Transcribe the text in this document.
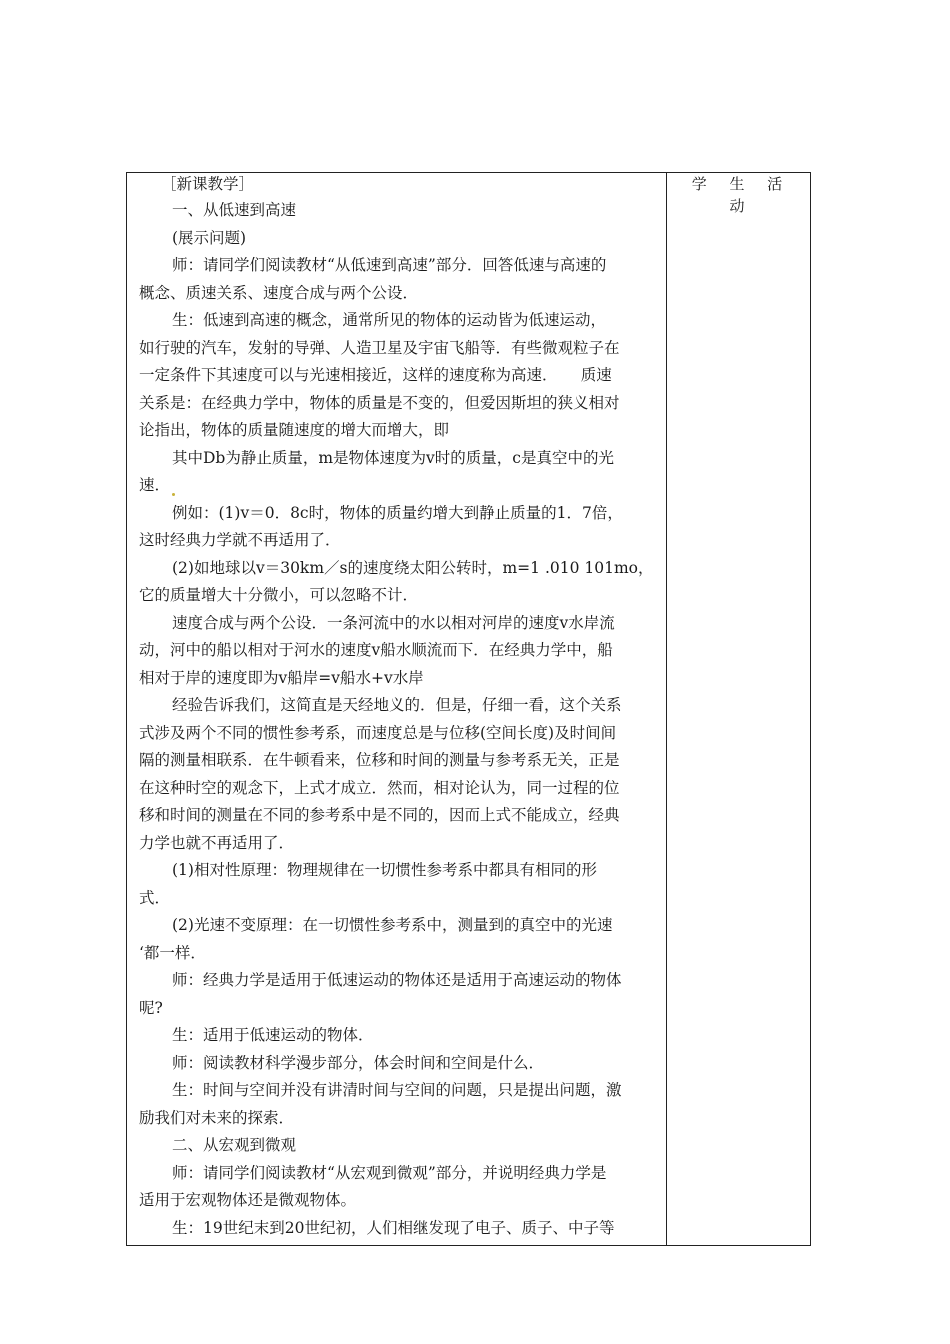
［新课教学］
一、从低速到高速
(展示问题)
师：请同学们阅读教材“从低速到高速”部分．回答低速与高速的
概念、质速关系、速度合成与两个公设．
生：低速到高速的概念，通常所见的物体的运动皆为低速运动，
如行驶的汽车，发射的导弹、人造卫星及宇宙飞船等．有些微观粒子在
一定条件下其速度可以与光速相接近，这样的速度称为高速．　　质速
关系是：在经典力学中，物体的质量是不变的，但爱因斯坦的狭义相对
论指出，物体的质量随速度的增大而增大，即
其中Db为静止质量，m是物体速度为v时的质量，c是真空中的光
速．
例如：(1)v＝0．8c时，物体的质量约增大到静止质量的1．7倍，
这时经典力学就不再适用了．
(2)如地球以v＝30km／s的速度绕太阳公转时，m=1 .010 101mo，
它的质量增大十分微小，可以忽略不计．
速度合成与两个公设．一条河流中的水以相对河岸的速度v水岸流
动，河中的船以相对于河水的速度v船水顺流而下．在经典力学中，船
相对于岸的速度即为v船岸=v船水+v水岸
经验告诉我们，这简直是天经地义的．但是，仔细一看，这个关系
式涉及两个不同的惯性参考系，而速度总是与位移(空间长度)及时间间
隔的测量相联系．在牛顿看来，位移和时间的测量与参考系无关，正是
在这种时空的观念下，上式才成立．然而，相对论认为，同一过程的位
移和时间的测量在不同的参考系中是不同的，因而上式不能成立，经典
力学也就不再适用了．
(1)相对性原理：物理规律在一切惯性参考系中都具有相同的形
式．
(2)光速不变原理：在一切惯性参考系中，测量到的真空中的光速
‘都一样．
师：经典力学是适用于低速运动的物体还是适用于高速运动的物体
呢?
生：适用于低速运动的物体．
师：阅读教材科学漫步部分，体会时间和空间是什么．
生：时间与空间并没有讲清时间与空间的问题，只是提出问题，激
励我们对未来的探索．
二、从宏观到微观
师：请同学们阅读教材“从宏观到微观”部分，并说明经典力学是
适用于宏观物体还是微观物体。
生：19世纪末到20世纪初，人们相继发现了电子、质子、中子等
学 生 活 动
